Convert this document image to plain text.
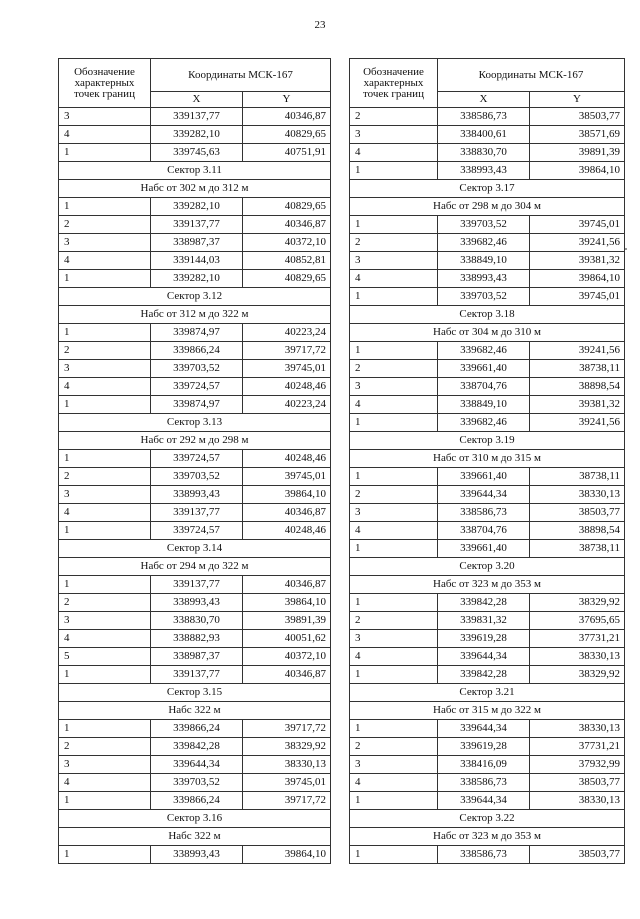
23
Обозначение характерных точек границ	Координаты МСК-167	
	X	Y
3	339137,77	40346,87
4	339282,10	40829,65
1	339745,63	40751,91
Сектор 3.11		
Набс от 302 м до 312 м		
1	339282,10	40829,65
2	339137,77	40346,87
3	338987,37	40372,10
4	339144,03	40852,81
1	339282,10	40829,65
Сектор 3.12		
Набс от 312 м до 322 м		
1	339874,97	40223,24
2	339866,24	39717,72
3	339703,52	39745,01
4	339724,57	40248,46
1	339874,97	40223,24
Сектор 3.13		
Набс от 292 м до 298 м		
1	339724,57	40248,46
2	339703,52	39745,01
3	338993,43	39864,10
4	339137,77	40346,87
1	339724,57	40248,46
Сектор 3.14		
Набс от 294 м до 322 м		
1	339137,77	40346,87
2	338993,43	39864,10
3	338830,70	39891,39
4	338882,93	40051,62
5	338987,37	40372,10
1	339137,77	40346,87
Сектор 3.15		
Набс 322 м		
1	339866,24	39717,72
2	339842,28	38329,92
3	339644,34	38330,13
4	339703,52	39745,01
1	339866,24	39717,72
Сектор 3.16		
Набс 322 м		
1	338993,43	39864,10
Обозначение характерных точек границ	Координаты МСК-167	
	X	Y
2	338586,73	38503,77
3	338400,61	38571,69
4	338830,70	39891,39
1	338993,43	39864,10
Сектор 3.17		
Набс от 298 м до 304 м		
1	339703,52	39745,01
2	339682,46	39241,56
3	338849,10	39381,32
4	338993,43	39864,10
1	339703,52	39745,01
Сектор 3.18		
Набс от 304 м до 310 м		
1	339682,46	39241,56
2	339661,40	38738,11
3	338704,76	38898,54
4	338849,10	39381,32
1	339682,46	39241,56
Сектор 3.19		
Набс от 310 м до 315 м		
1	339661,40	38738,11
2	339644,34	38330,13
3	338586,73	38503,77
4	338704,76	38898,54
1	339661,40	38738,11
Сектор 3.20		
Набс от 323 м до 353 м		
1	339842,28	38329,92
2	339831,32	37695,65
3	339619,28	37731,21
4	339644,34	38330,13
1	339842,28	38329,92
Сектор 3.21		
Набс от 315 м до 322 м		
1	339644,34	38330,13
2	339619,28	37731,21
3	338416,09	37932,99
4	338586,73	38503,77
1	339644,34	38330,13
Сектор 3.22		
Набс от 323 м до 353 м		
1	338586,73	38503,77
